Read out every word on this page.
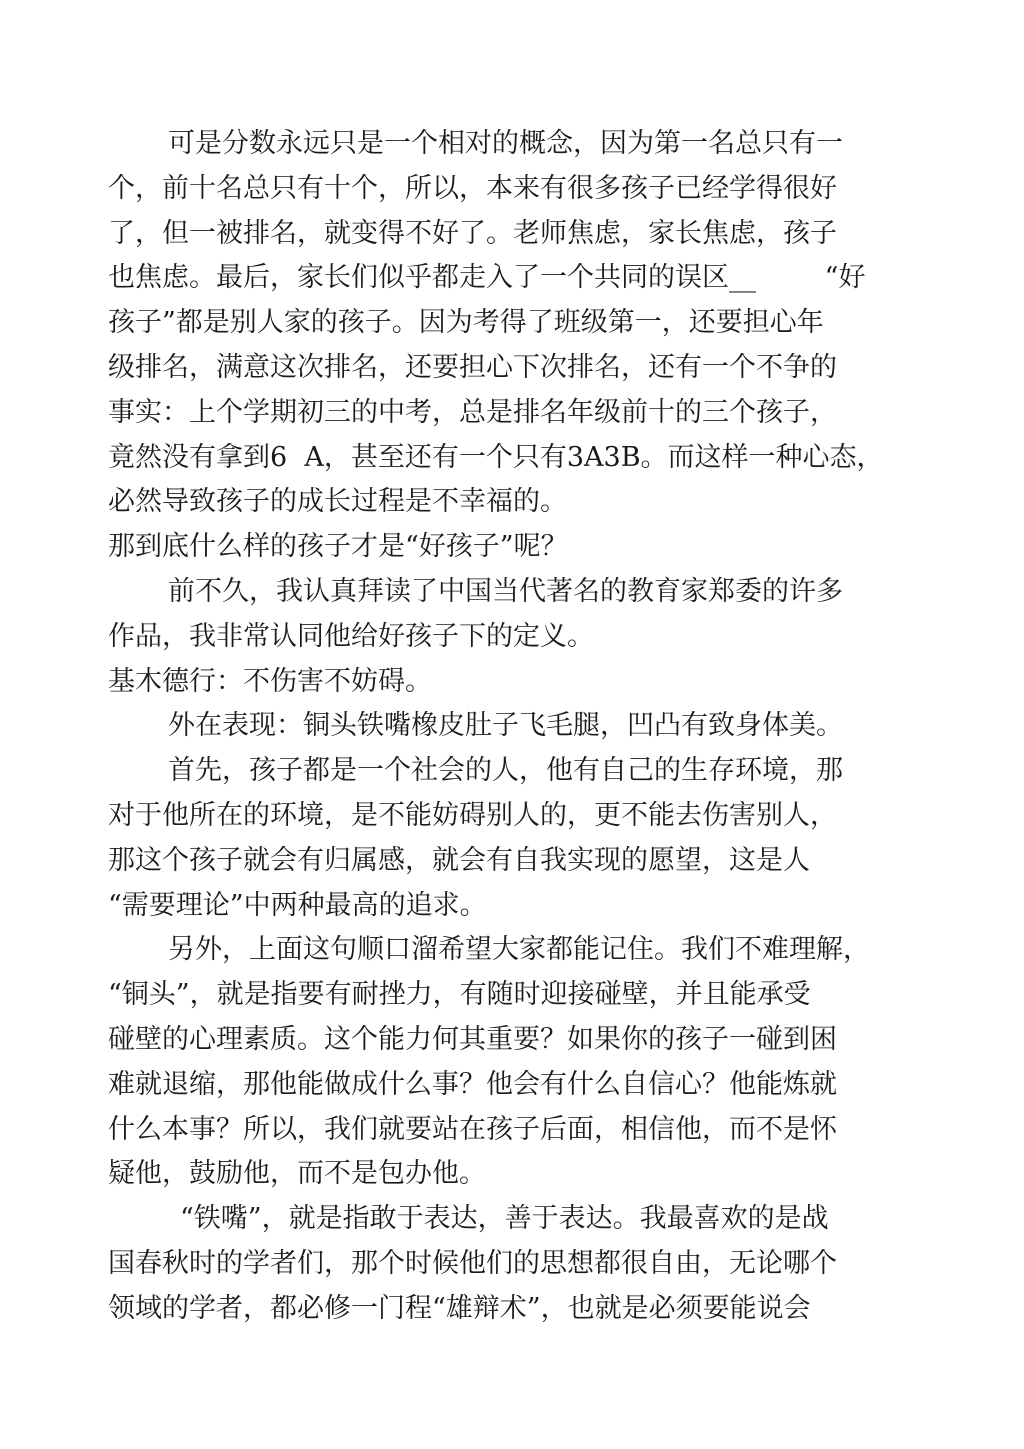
可是分数永远只是一个相对的概念，因为第一名总只有一
个，前十名总只有十个，所以，本来有很多孩子已经学得很好
了，但一被排名，就变得不好了。老师焦虑，家长焦虑，孩子
也焦虑。最后，家长们似乎都走入了一个共同的误区__        “好
孩子”都是别人家的孩子。因为考得了班级第一，还要担心年
级排名，满意这次排名，还要担心下次排名，还有一个不争的
事实：上个学期初三的中考，总是排名年级前十的三个孩子，
竟然没有拿到6  A，甚至还有一个只有3A3B。而这样一种心态，
必然导致孩子的成长过程是不幸福的。
那到底什么样的孩子才是“好孩子”呢？
前不久，我认真拜读了中国当代著名的教育家郑委的许多
作品，我非常认同他给好孩子下的定义。
基木德行：不伤害不妨碍。
外在表现：铜头铁嘴橡皮肚子飞毛腿，凹凸有致身体美。
首先，孩子都是一个社会的人，他有自己的生存环境，那
对于他所在的环境，是不能妨碍别人的，更不能去伤害别人，
那这个孩子就会有归属感，就会有自我实现的愿望，这是人
“需要理论”中两种最高的追求。
另外，上面这句顺口溜希望大家都能记住。我们不难理解，
“铜头”，就是指要有耐挫力，有随时迎接碰壁，并且能承受
碰壁的心理素质。这个能力何其重要？如果你的孩子一碰到困
难就退缩，那他能做成什么事？他会有什么自信心？他能炼就
什么本事？所以，我们就要站在孩子后面，相信他，而不是怀
疑他，鼓励他，而不是包办他。
“铁嘴”，就是指敢于表达，善于表达。我最喜欢的是战
国春秋时的学者们，那个时候他们的思想都很自由，无论哪个
领域的学者，都必修一门程“雄辩术”，也就是必须要能说会
